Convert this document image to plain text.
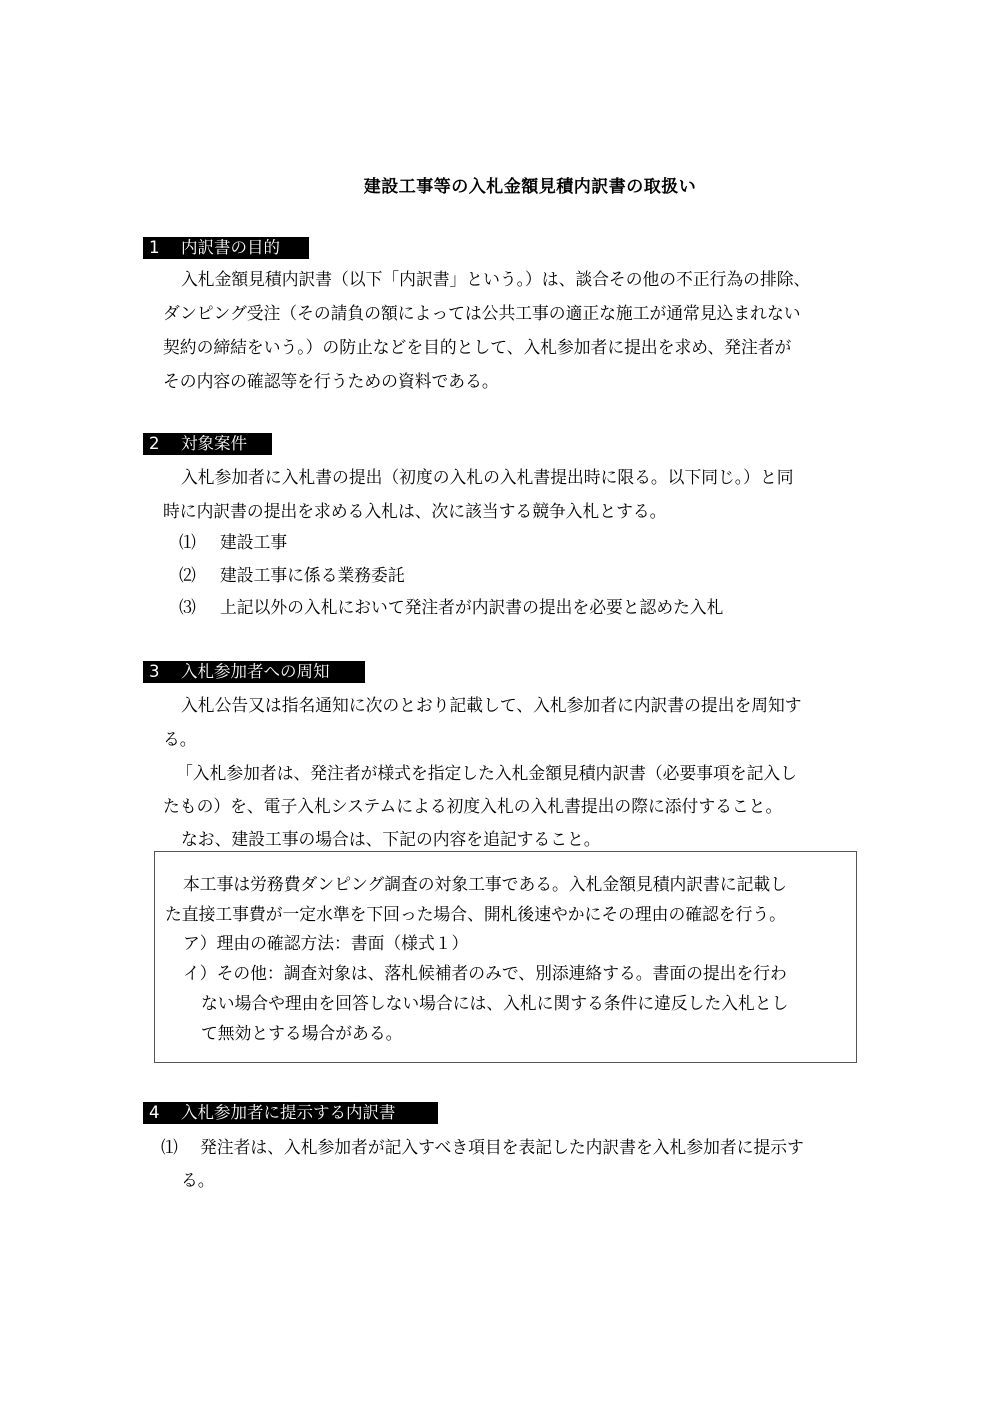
建設工事等の入札金額見積内訳書の取扱い
1 内訳書の目的
入札金額見積内訳書（以下「内訳書」という。）は、談合その他の不正行為の排除、
ダンピング受注（その請負の額によっては公共工事の適正な施工が通常見込まれない
契約の締結をいう。）の防止などを目的として、入札参加者に提出を求め、発注者が
その内容の確認等を行うための資料である。
2 対象案件
入札参加者に入札書の提出（初度の入札の入札書提出時に限る。以下同じ。）と同
時に内訳書の提出を求める入札は、次に該当する競争入札とする。
⑴ 建設工事
⑵ 建設工事に係る業務委託
⑶ 上記以外の入札において発注者が内訳書の提出を必要と認めた入札
3 入札参加者への周知
入札公告又は指名通知に次のとおり記載して、入札参加者に内訳書の提出を周知す
る。
「入札参加者は、発注者が様式を指定した入札金額見積内訳書（必要事項を記入し
たもの）を、電子入札システムによる初度入札の入札書提出の際に添付すること。
なお、建設工事の場合は、下記の内容を追記すること。
本工事は労務費ダンピング調査の対象工事である。入札金額見積内訳書に記載し
た直接工事費が一定水準を下回った場合、開札後速やかにその理由の確認を行う。
ア）理由の確認方法：書面（様式１）
イ）その他：調査対象は、落札候補者のみで、別添連絡する。書面の提出を行わ
ない場合や理由を回答しない場合には、入札に関する条件に違反した入札とし
て無効とする場合がある。
4 入札参加者に提示する内訳書
⑴ 発注者は、入札参加者が記入すべき項目を表記した内訳書を入札参加者に提示す
る。
